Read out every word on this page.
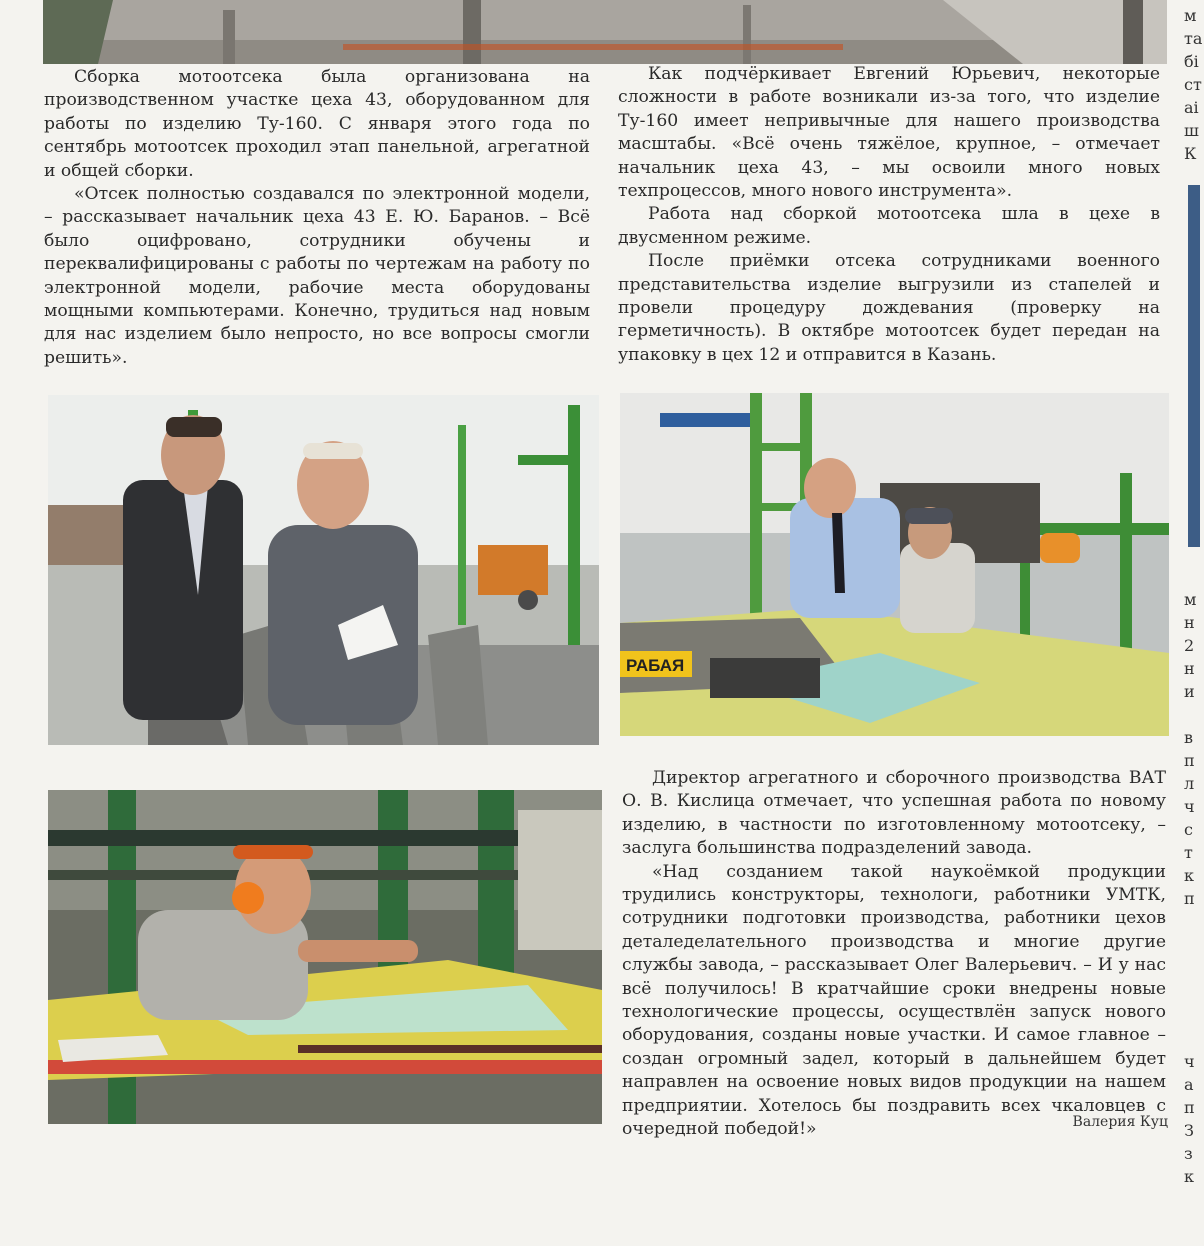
Сборка мотоотсека была организована на производственном участке цеха 43, оборудованном для работы по изделию Ту-160. С января этого года по сентябрь мотоотсек проходил этап панельной, агрегатной и общей сборки.

«Отсек полностью создавался по электронной модели, – рассказывает начальник цеха 43 Е. Ю. Баранов. – Всё было оцифровано, сотрудники обучены и переквалифицированы с работы по чертежам на работу по электронной модели, рабочие места оборудованы мощными компьютерами. Конечно, трудиться над новым для нас изделием было непросто, но все вопросы смогли решить».

Как подчёркивает Евгений Юрьевич, некоторые сложности в работе возникали из-за того, что изделие Ту-160 имеет непривычные для нашего производства масштабы. «Всё очень тяжёлое, крупное, – отмечает начальник цеха 43, – мы освоили много новых техпроцессов, много нового инструмента».

Работа над сборкой мотоотсека шла в цехе в двусменном режиме.

После приёмки отсека сотрудниками военного представительства изделие выгрузили из стапелей и провели процедуру дождевания (проверку на герметичность). В октябре мотоотсек будет передан на упаковку в цех 12 и отправится в Казань.

РАБАЯ

Директор агрегатного и сборочного производства ВАТ О. В. Кислица отмечает, что успешная работа по новому изделию, в частности по изготовленному мотоотсеку, – заслуга большинства подразделений завода.

«Над созданием такой наукоёмкой продукции трудились конструкторы, технологи, работники УМТК, сотрудники подготовки производства, работники цехов деталеделательного производства и многие другие службы завода, – рассказывает Олег Валерьевич. – И у нас всё получилось! В кратчайшие сроки внедрены новые технологические процессы, осуществлён запуск нового оборудования, созданы новые участки. И самое главное – создан огромный задел, который в дальнейшем будет направлен на освоение новых видов продукции на нашем предприятии. Хотелось бы поздравить всех чкаловцев с очередной победой!»	Валерия Куц
м
та
бі
ст
аі
ш
К
м
н
2
н
и
в
п
л
ч
с
т
к
п
ч
а
п
З
з
к
